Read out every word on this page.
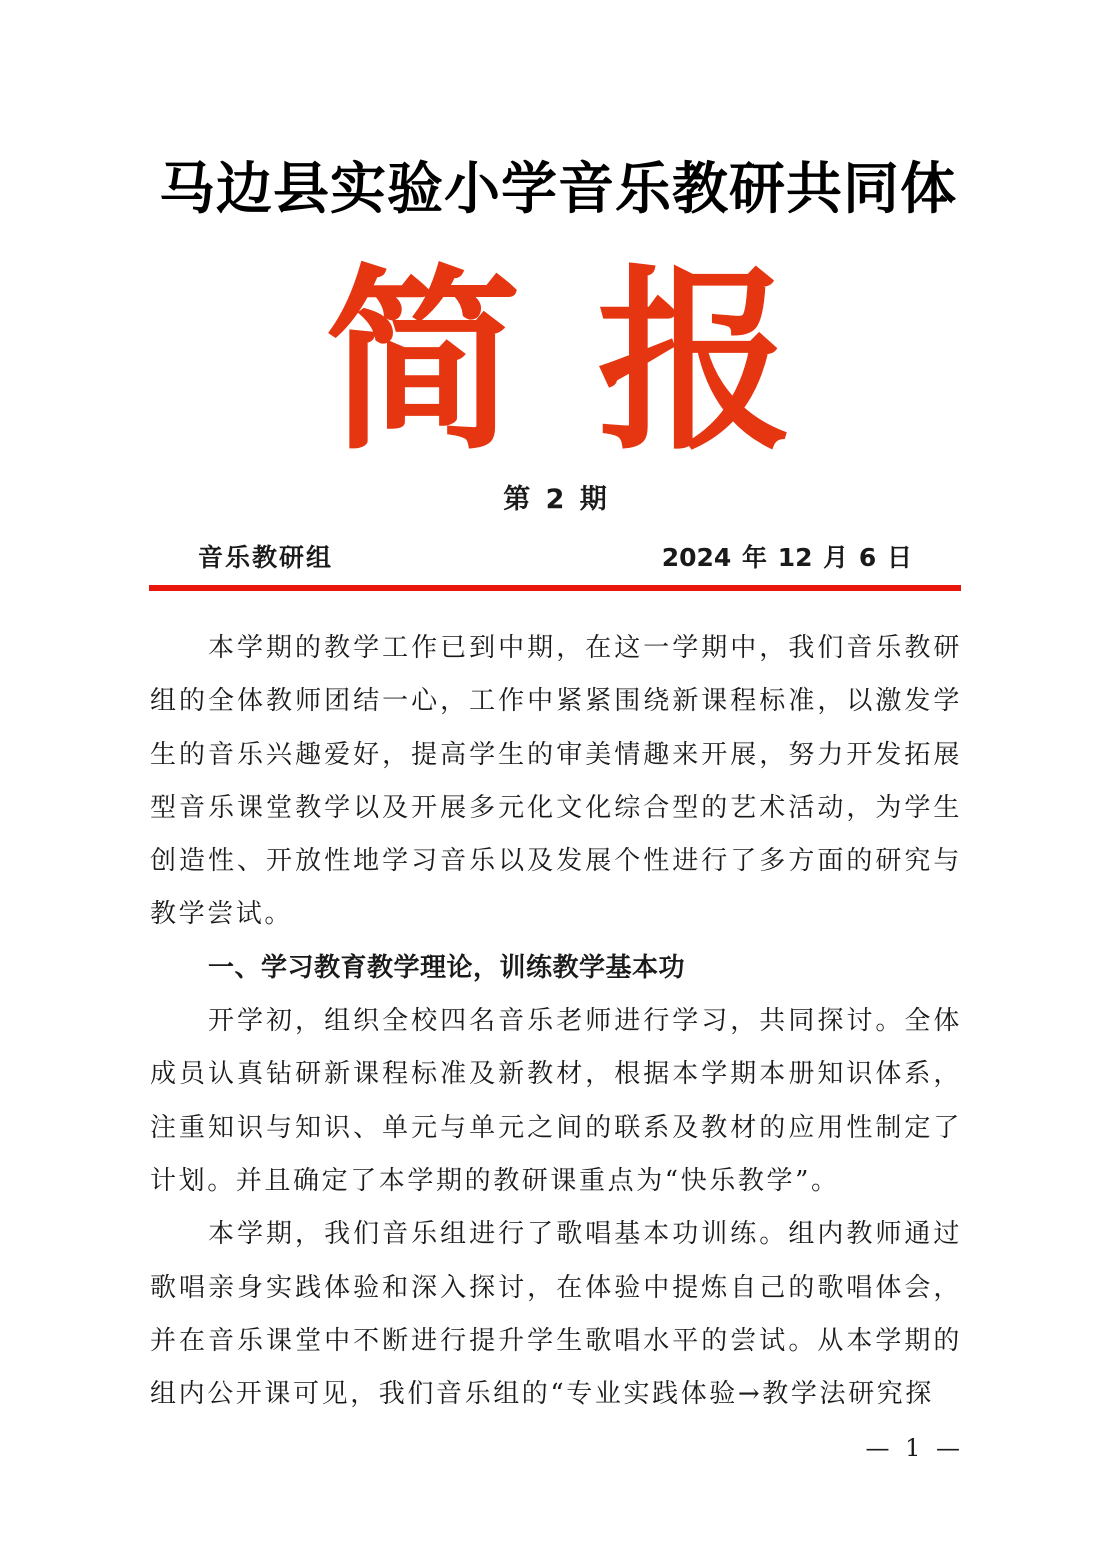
马边县实验小学音乐教研共同体
简 报
第 2 期
音乐教研组	2024 年 12 月 6 日

本学期的教学工作已到中期，在这一学期中，我们音乐教研组的全体教师团结一心，工作中紧紧围绕新课程标准，以激发学生的音乐兴趣爱好，提高学生的审美情趣来开展，努力开发拓展型音乐课堂教学以及开展多元化文化综合型的艺术活动，为学生创造性、开放性地学习音乐以及发展个性进行了多方面的研究与教学尝试。

一、学习教育教学理论，训练教学基本功

开学初，组织全校四名音乐老师进行学习，共同探讨。全体成员认真钻研新课程标准及新教材，根据本学期本册知识体系，注重知识与知识、单元与单元之间的联系及教材的应用性制定了计划。并且确定了本学期的教研课重点为“快乐教学”。

本学期，我们音乐组进行了歌唱基本功训练。组内教师通过歌唱亲身实践体验和深入探讨，在体验中提炼自己的歌唱体会，并在音乐课堂中不断进行提升学生歌唱水平的尝试。从本学期的组内公开课可见，我们音乐组的“专业实践体验→教学法研究探

— 1 —
